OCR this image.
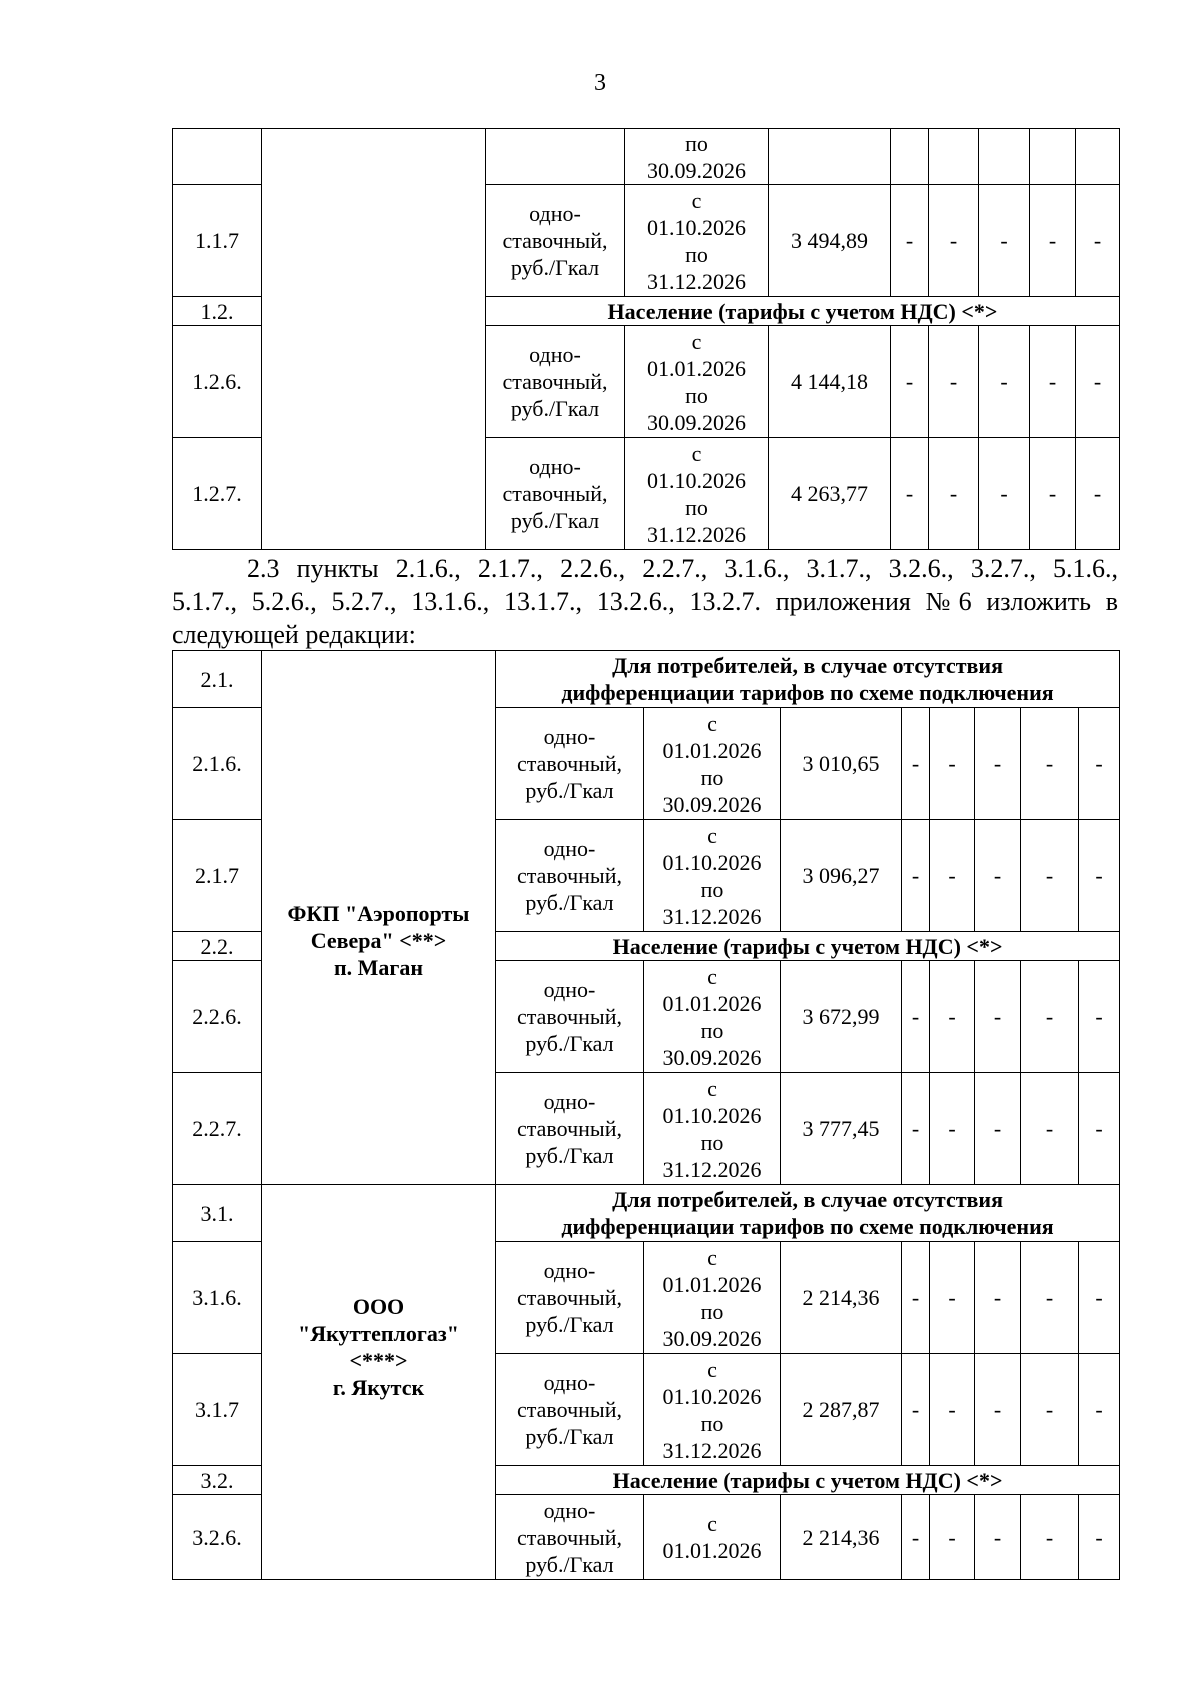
3
			по
30.09.2026						
1.1.7		одно-
ставочный,
руб./Гкал	с
01.10.2026
по
31.12.2026	3 494,89	-	-	-	-	-
1.2.		Население (тарифы с учетом НДС) <*>							
1.2.6.		одно-
ставочный,
руб./Гкал	с
01.01.2026
по
30.09.2026	4 144,18	-	-	-	-	-
1.2.7.		одно-
ставочный,
руб./Гкал	с
01.10.2026
по
31.12.2026	4 263,77	-	-	-	-	-
2.3 пункты 2.1.6., 2.1.7., 2.2.6., 2.2.7., 3.1.6., 3.1.7., 3.2.6., 3.2.7., 5.1.6.,
5.1.7., 5.2.6., 5.2.7., 13.1.6., 13.1.7., 13.2.6., 13.2.7. приложения №6 изложить в
следующей редакции:
2.1.	ФКП "Аэропорты
Севера" <**>
п. Маган	Для потребителей, в случае отсутствия
дифференциации тарифов по схеме подключения							
2.1.6.		одно-
ставочный,
руб./Гкал	с
01.01.2026
по
30.09.2026	3 010,65	-	-	-	-	-
2.1.7		одно-
ставочный,
руб./Гкал	с
01.10.2026
по
31.12.2026	3 096,27	-	-	-	-	-
2.2.		Население (тарифы с учетом НДС) <*>							
2.2.6.		одно-
ставочный,
руб./Гкал	с
01.01.2026
по
30.09.2026	3 672,99	-	-	-	-	-
2.2.7.		одно-
ставочный,
руб./Гкал	с
01.10.2026
по
31.12.2026	3 777,45	-	-	-	-	-
3.1.	ООО
"Якуттеплогаз"
<***>
г. Якутск	Для потребителей, в случае отсутствия
дифференциации тарифов по схеме подключения							
3.1.6.		одно-
ставочный,
руб./Гкал	с
01.01.2026
по
30.09.2026	2 214,36	-	-	-	-	-
3.1.7		одно-
ставочный,
руб./Гкал	с
01.10.2026
по
31.12.2026	2 287,87	-	-	-	-	-
3.2.		Население (тарифы с учетом НДС) <*>							
3.2.6.		одно-
ставочный,
руб./Гкал	с
01.01.2026	2 214,36	-	-	-	-	-
